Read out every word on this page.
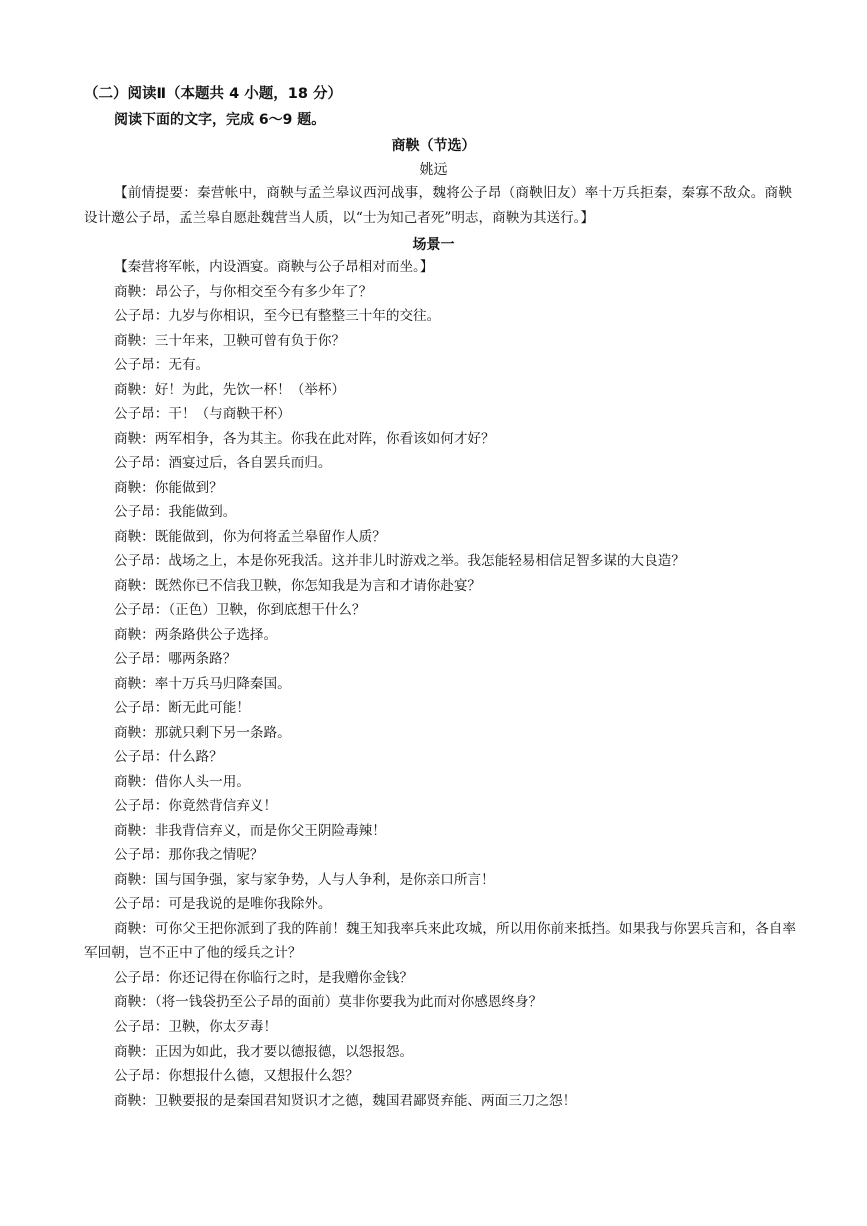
（二）阅读Ⅱ（本题共 4 小题，18 分）
阅读下面的文字，完成 6～9 题。
商鞅（节选）
姚远
【前情提要：秦营帐中，商鞅与孟兰皋议西河战事，魏将公子昂（商鞅旧友）率十万兵拒秦，秦寡不敌众。商鞅设计邀公子昂，孟兰皋自愿赴魏营当人质，以“士为知己者死”明志，商鞅为其送行。】
场景一

【秦营将军帐，内设酒宴。商鞅与公子昂相对而坐。】

商鞅：昂公子，与你相交至今有多少年了？

公子昂：九岁与你相识，至今已有整整三十年的交往。

商鞅：三十年来，卫鞅可曾有负于你？

公子昂：无有。

商鞅：好！为此，先饮一杯！（举杯）

公子昂：干！（与商鞅干杯）

商鞅：两军相争，各为其主。你我在此对阵，你看该如何才好？

公子昂：酒宴过后，各自罢兵而归。

商鞅：你能做到？

公子昂：我能做到。

商鞅：既能做到，你为何将孟兰皋留作人质？

公子昂：战场之上，本是你死我活。这并非儿时游戏之举。我怎能轻易相信足智多谋的大良造？

商鞅：既然你已不信我卫鞅，你怎知我是为言和才请你赴宴？

公子昂：（正色）卫鞅，你到底想干什么？

商鞅：两条路供公子选择。

公子昂：哪两条路？

商鞅：率十万兵马归降秦国。

公子昂：断无此可能！

商鞅：那就只剩下另一条路。

公子昂：什么路？

商鞅：借你人头一用。

公子昂：你竟然背信弃义！

商鞅：非我背信弃义，而是你父王阴险毒辣！

公子昂：那你我之情呢？

商鞅：国与国争强，家与家争势，人与人争利，是你亲口所言！

公子昂：可是我说的是唯你我除外。

商鞅：可你父王把你派到了我的阵前！魏王知我率兵来此攻城，所以用你前来抵挡。如果我与你罢兵言和，各自率军回朝，岂不正中了他的绥兵之计？

公子昂：你还记得在你临行之时，是我赠你金钱？

商鞅：（将一钱袋扔至公子昂的面前）莫非你要我为此而对你感恩终身？

公子昂：卫鞅，你太歹毒！

商鞅：正因为如此，我才要以德报德，以怨报怨。

公子昂：你想报什么德，又想报什么怨？

商鞅：卫鞅要报的是秦国君知贤识才之德，魏国君鄙贤弃能、两面三刀之怨！
